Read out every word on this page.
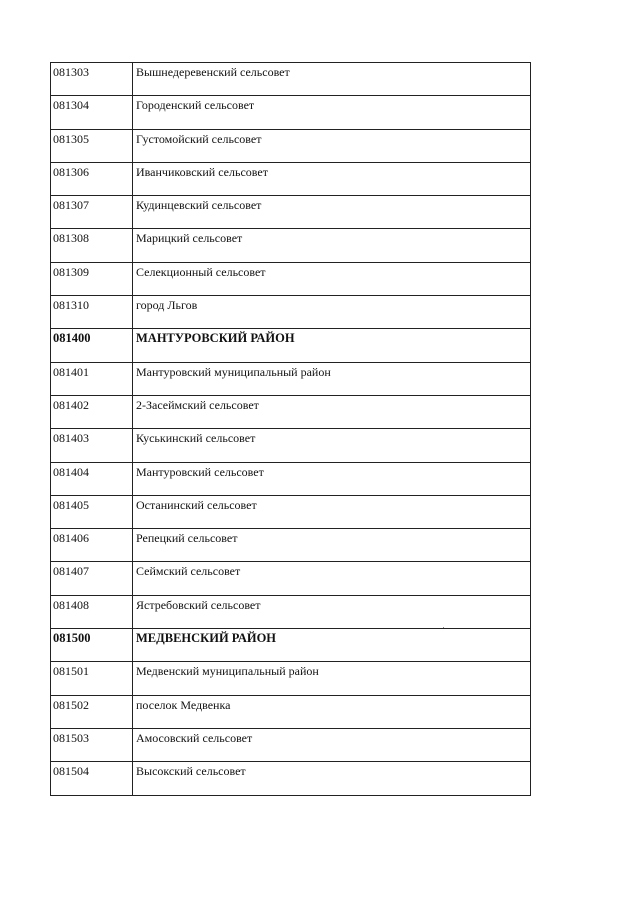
081303	Вышнедеревенский сельсовет
081304	Городенский сельсовет
081305	Густомойский сельсовет
081306	Иванчиковский сельсовет
081307	Кудинцевский сельсовет
081308	Марицкий сельсовет
081309	Селекционный сельсовет
081310	город Льгов
081400	МАНТУРОВСКИЙ РАЙОН
081401	Мантуровский муниципальный район
081402	2-Засеймский сельсовет
081403	Куськинский сельсовет
081404	Мантуровский сельсовет
081405	Останинский сельсовет
081406	Репецкий сельсовет
081407	Сеймский сельсовет
081408	Ястребовский сельсовет
081500	МЕДВЕНСКИЙ РАЙОН
081501	Медвенский муниципальный район
081502	поселок Медвенка
081503	Амосовский сельсовет
081504	Высокский сельсовет
